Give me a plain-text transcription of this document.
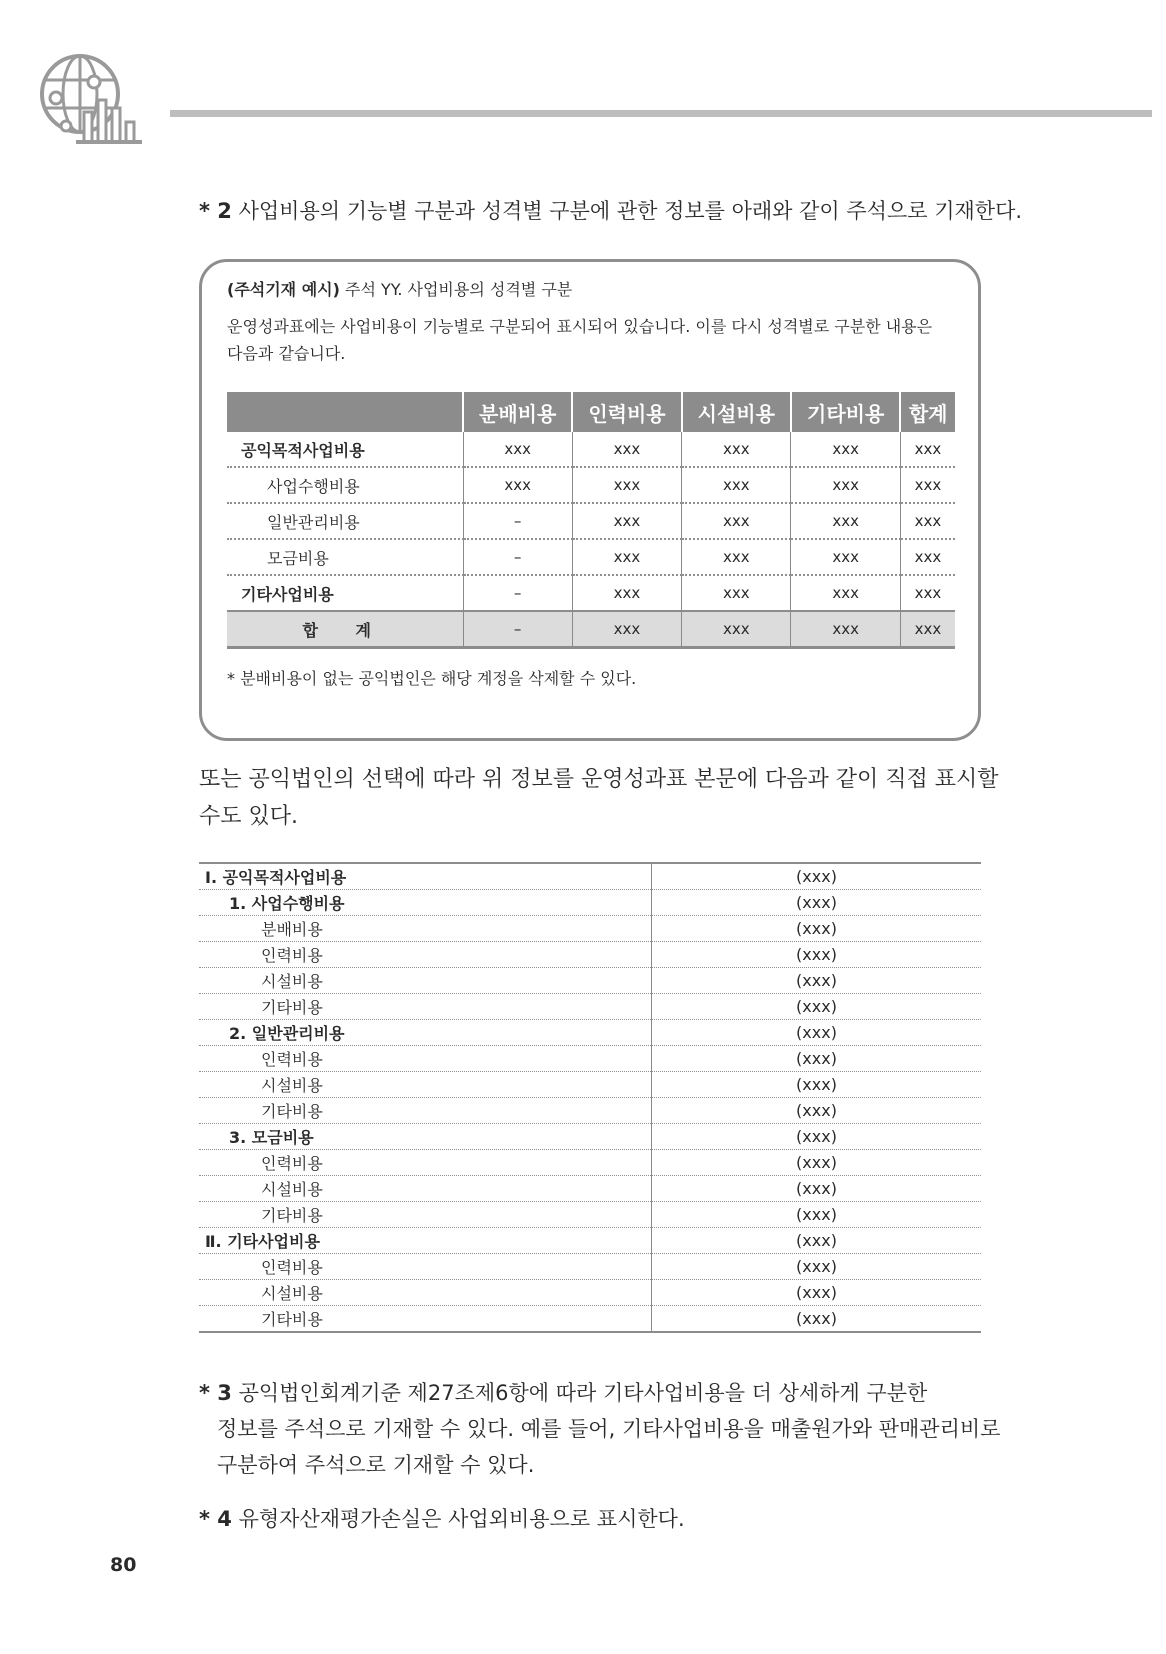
* 2 사업비용의 기능별 구분과 성격별 구분에 관한 정보를 아래와 같이 주석으로 기재한다.
(주석기재 예시) 주석 YY. 사업비용의 성격별 구분
운영성과표에는 사업비용이 기능별로 구분되어 표시되어 있습니다. 이를 다시 성격별로 구분한 내용은
다음과 같습니다.
	분배비용	인력비용	시설비용	기타비용	합계
공익목적사업비용	xxx	xxx	xxx	xxx	xxx
사업수행비용	xxx	xxx	xxx	xxx	xxx
일반관리비용	–	xxx	xxx	xxx	xxx
모금비용	–	xxx	xxx	xxx	xxx
기타사업비용	–	xxx	xxx	xxx	xxx
합 계	–	xxx	xxx	xxx	xxx
* 분배비용이 없는 공익법인은 해당 계정을 삭제할 수 있다.
또는 공익법인의 선택에 따라 위 정보를 운영성과표 본문에 다음과 같이 직접 표시할
수도 있다.
Ⅰ. 공익목적사업비용	(xxx)
1. 사업수행비용	(xxx)
분배비용	(xxx)
인력비용	(xxx)
시설비용	(xxx)
기타비용	(xxx)
2. 일반관리비용	(xxx)
인력비용	(xxx)
시설비용	(xxx)
기타비용	(xxx)
3. 모금비용	(xxx)
인력비용	(xxx)
시설비용	(xxx)
기타비용	(xxx)
Ⅱ. 기타사업비용	(xxx)
인력비용	(xxx)
시설비용	(xxx)
기타비용	(xxx)
* 3 공익법인회계기준 제27조제6항에 따라 기타사업비용을 더 상세하게 구분한
정보를 주석으로 기재할 수 있다. 예를 들어, 기타사업비용을 매출원가와 판매관리비로
구분하여 주석으로 기재할 수 있다.
* 4 유형자산재평가손실은 사업외비용으로 표시한다.
80
